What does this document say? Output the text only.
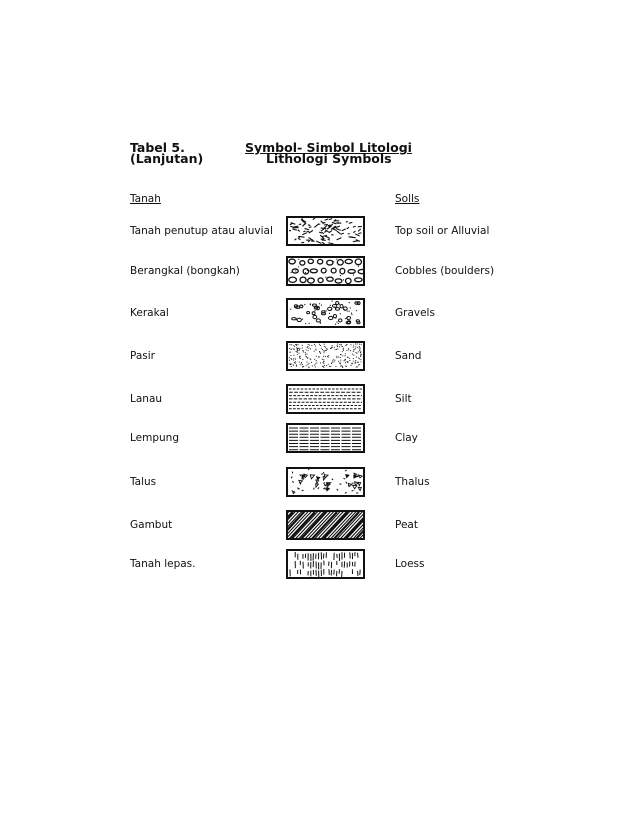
Tabel 5.
(Lanjutan)
Symbol- Simbol Litologi
Lithologi Symbols
Tanah	Solls
Tanah penutup atau aluvial	Top soil or Alluvial
Berangkal (bongkah)	Cobbles (boulders)
Kerakal	Gravels
Pasir	Sand
Lanau	Silt
Lempung	Clay
Talus	Thalus
Gambut	Peat
Tanah lepas.	Loess
